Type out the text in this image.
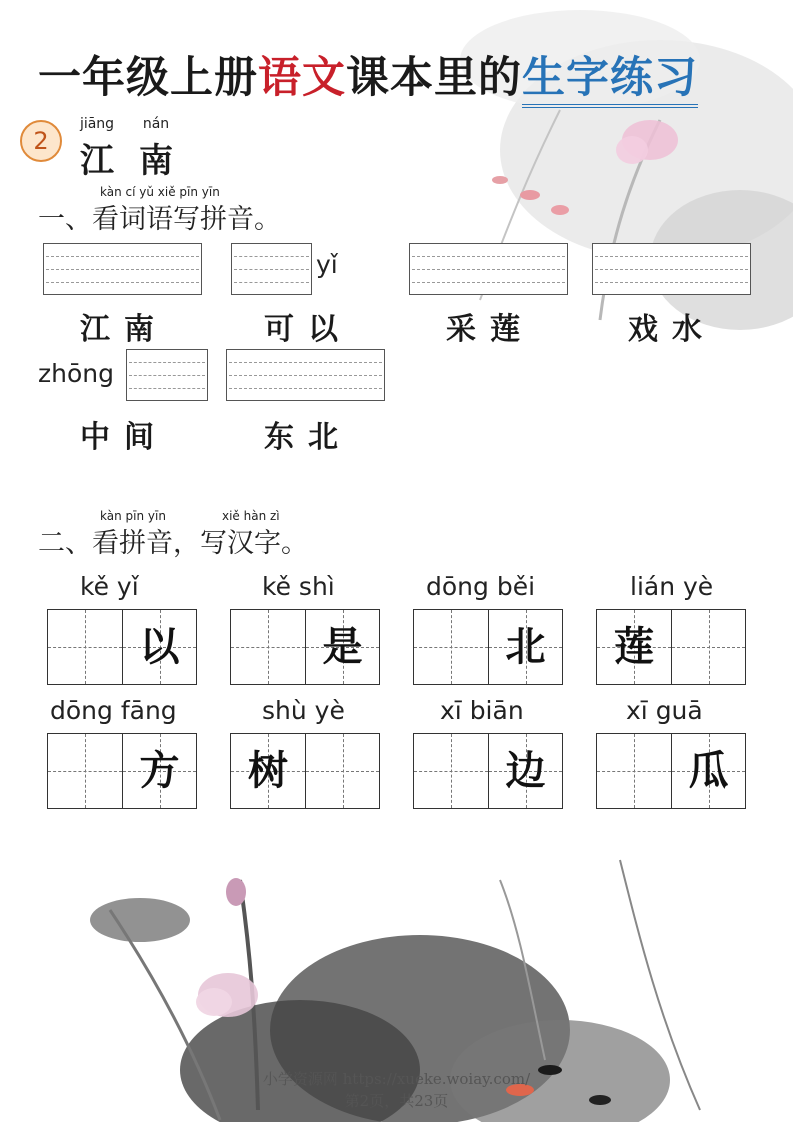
一年级上册语文课本里的生字练习
2
jiāng
江
nán
南
kàn cí yǔ xiě pīn yīn
一、看词语写拼音。
yǐ
江南	可以	采莲	戏水
zhōng
中间	东北
kàn pīn yīn	xiě hàn zì
二、看拼音，写汉字。
kě yǐ
以
kě shì
是
dōng běi
北
lián yè
莲
dōng fāng
方
shù yè
树
xī biān
边
xī guā
瓜
小学资源网 https://xueke.woiay.com/
第2页，共23页
